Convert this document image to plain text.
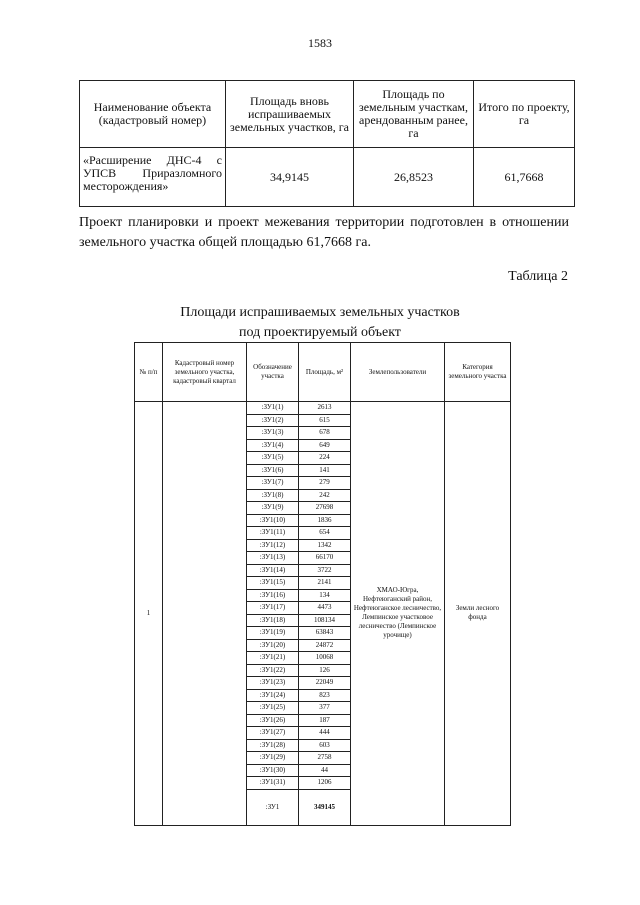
1583
Наименование объекта (кадастровый номер)	Площадь вновь испрашиваемых земельных участков, га	Площадь по земельным участкам, арендованным ранее, га	Итого по проекту, га
«Расширение ДНС-4 с УПСВ Приразломного месторождения»	34,9145	26,8523	61,7668

Проект планировки и проект межевания территории подготовлен в отношении земельного участка общей площадью 61,7668 га.

Таблица 2
Площади испрашиваемых земельных участков
под проектируемый объект
№ п/п	Кадастровый номер земельного участка, кадастровый квартал	Обозначение участка	Площадь, м²	Землепользователи	Категория земельного участка
1		:ЗУ1(1)	2613	ХМАО-Югра, Нефтеюганский район, Нефтеюганское лесничество, Лемпинское участковое лесничество (Лемпинское урочище)	Земли лесного фонда
		:ЗУ1(2)	615		
		:ЗУ1(3)	678		
		:ЗУ1(4)	649		
		:ЗУ1(5)	224		
		:ЗУ1(6)	141		
		:ЗУ1(7)	279		
		:ЗУ1(8)	242		
		:ЗУ1(9)	27698		
		:ЗУ1(10)	1836		
		:ЗУ1(11)	654		
		:ЗУ1(12)	1342		
		:ЗУ1(13)	66170		
		:ЗУ1(14)	3722		
		:ЗУ1(15)	2141		
		:ЗУ1(16)	134		
		:ЗУ1(17)	4473		
		:ЗУ1(18)	108134		
		:ЗУ1(19)	63843		
		:ЗУ1(20)	24872		
		:ЗУ1(21)	10068		
		:ЗУ1(22)	126		
		:ЗУ1(23)	22049		
		:ЗУ1(24)	823		
		:ЗУ1(25)	377		
		:ЗУ1(26)	187		
		:ЗУ1(27)	444		
		:ЗУ1(28)	603		
		:ЗУ1(29)	2758		
		:ЗУ1(30)	44		
		:ЗУ1(31)	1206		
		:ЗУ1	349145		
